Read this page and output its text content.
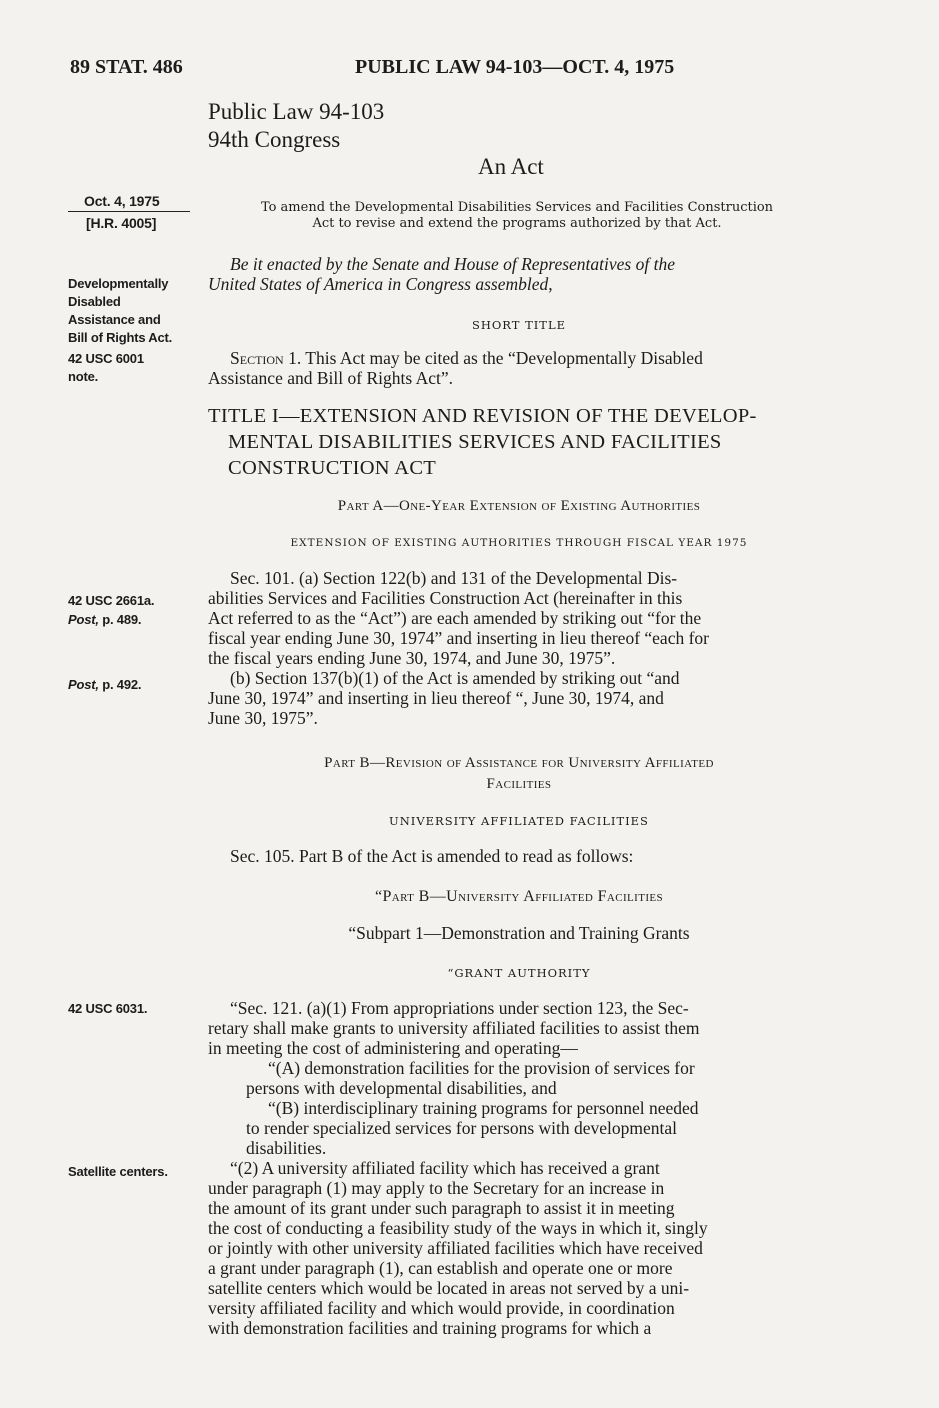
89 STAT. 486	PUBLIC LAW 94-103—OCT. 4, 1975
Public Law 94-103
94th Congress
An Act
Oct. 4, 1975
[H.R. 4005]
Developmentally
Disabled
Assistance and
Bill of Rights Act.
42 USC 6001
note.
42 USC 2661a.
Post, p. 489.
Post, p. 492.
42 USC 6031.
Satellite centers.
To amend the Developmental Disabilities Services and Facilities Construction
Act to revise and extend the programs authorized by that Act.

Be it enacted by the Senate and House of Representatives of the

United States of America in Congress assembled,

SHORT TITLE

Section 1. This Act may be cited as the “Developmentally Disabled

Assistance and Bill of Rights Act”.

TITLE I—EXTENSION AND REVISION OF THE DEVELOP-
MENTAL DISABILITIES SERVICES AND FACILITIES
CONSTRUCTION ACT
Part A—One-Year Extension of Existing Authorities
EXTENSION OF EXISTING AUTHORITIES THROUGH FISCAL YEAR 1975

Sec. 101. (a) Section 122(b) and 131 of the Developmental Dis-

abilities Services and Facilities Construction Act (hereinafter in this

Act referred to as the “Act”) are each amended by striking out “for the

fiscal year ending June 30, 1974” and inserting in lieu thereof “each for

the fiscal years ending June 30, 1974, and June 30, 1975”.

(b) Section 137(b)(1) of the Act is amended by striking out “and

June 30, 1974” and inserting in lieu thereof “, June 30, 1974, and

June 30, 1975”.

Part B—Revision of Assistance for University Affiliated
Facilities
UNIVERSITY AFFILIATED FACILITIES
Sec. 105. Part B of the Act is amended to read as follows:
“Part B—University Affiliated Facilities
“Subpart 1—Demonstration and Training Grants
“GRANT AUTHORITY

“Sec. 121. (a)(1) From appropriations under section 123, the Sec-

retary shall make grants to university affiliated facilities to assist them

in meeting the cost of administering and operating—

“(A) demonstration facilities for the provision of services for

persons with developmental disabilities, and

“(B) interdisciplinary training programs for personnel needed

to render specialized services for persons with developmental

disabilities.

“(2) A university affiliated facility which has received a grant

under paragraph (1) may apply to the Secretary for an increase in

the amount of its grant under such paragraph to assist it in meeting

the cost of conducting a feasibility study of the ways in which it, singly

or jointly with other university affiliated facilities which have received

a grant under paragraph (1), can establish and operate one or more

satellite centers which would be located in areas not served by a uni-

versity affiliated facility and which would provide, in coordination

with demonstration facilities and training programs for which a
